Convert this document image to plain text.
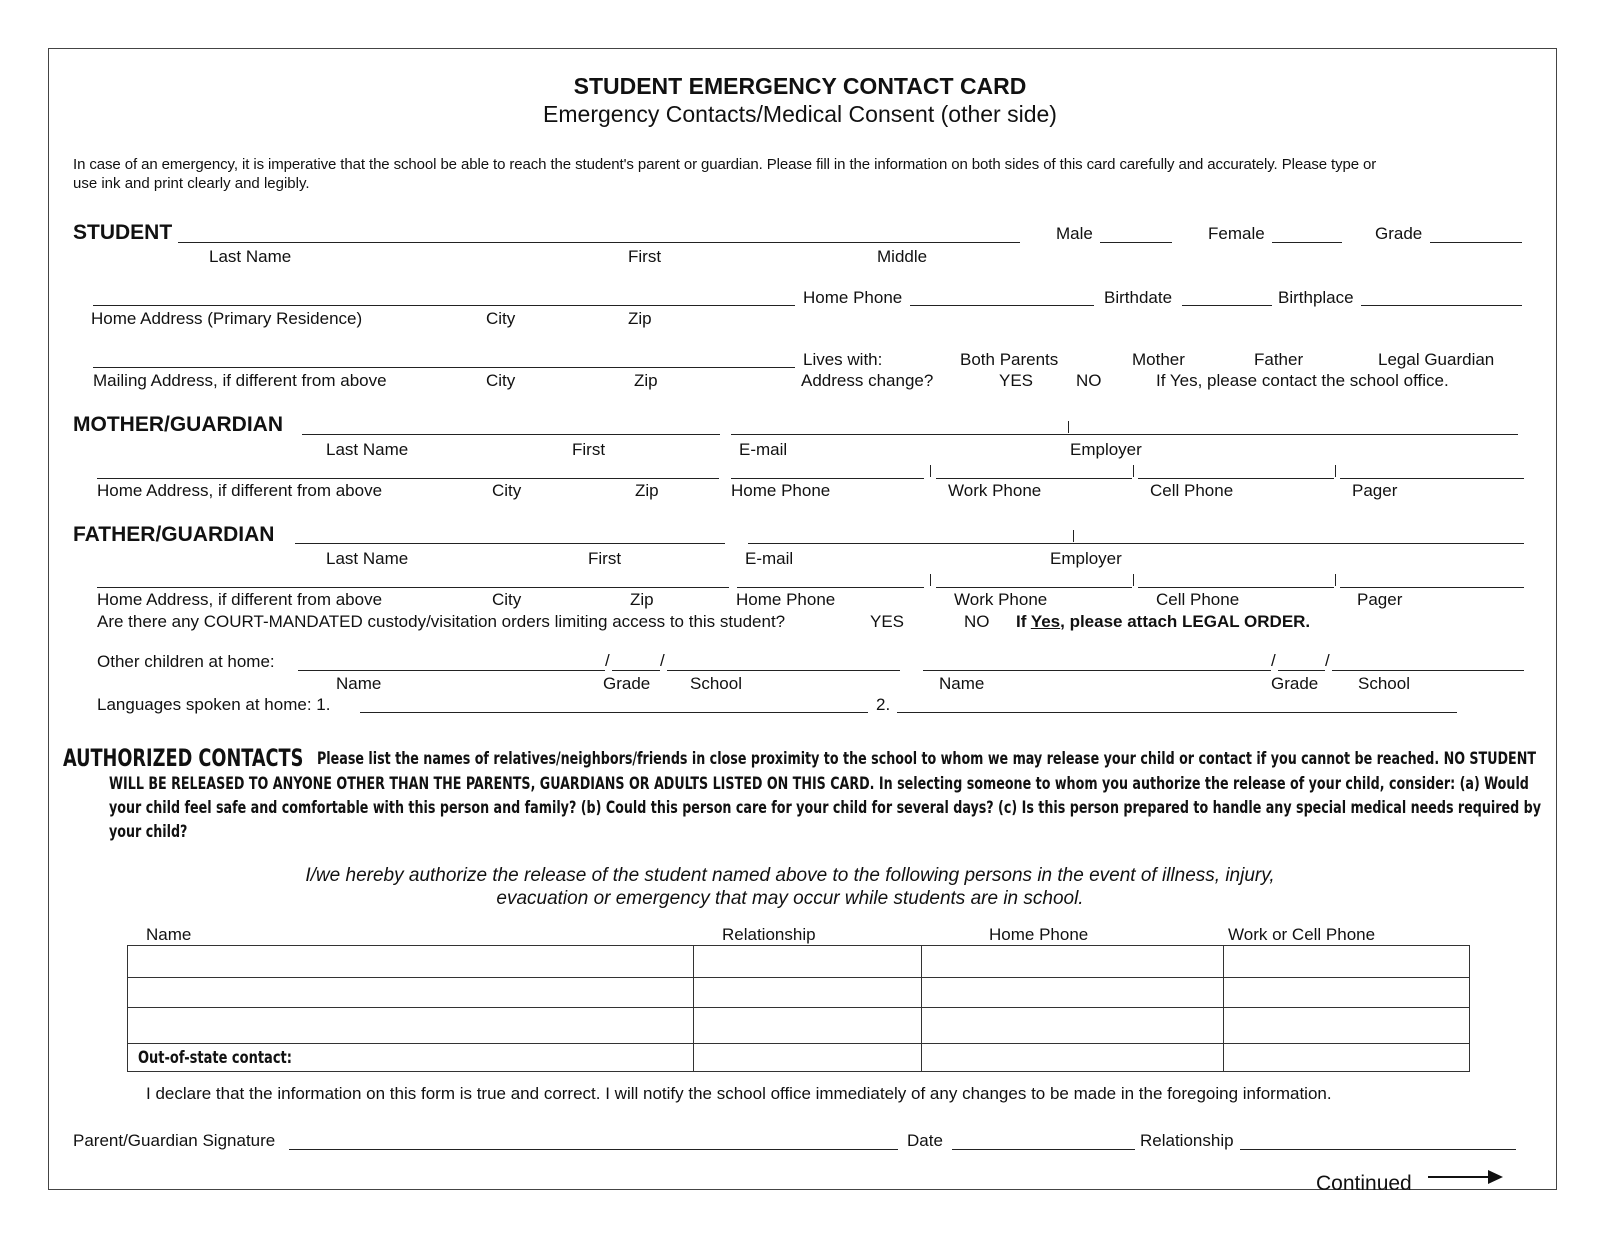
STUDENT EMERGENCY CONTACT CARD
Emergency Contacts/Medical Consent (other side)
In case of an emergency, it is imperative that the school be able to reach the student's parent or guardian. Please fill in the information on both sides of this card carefully and accurately. Please type or
use ink and print clearly and legibly.
STUDENT	Male	Female	Grade
Last Name	First	Middle
Home Phone	Birthdate	Birthplace
Home Address (Primary Residence)	City	Zip
Lives with:	Both Parents	Mother	Father	Legal Guardian
Mailing Address, if different from above	City	Zip	Address change?	YES	NO	If Yes, please contact the school office.
MOTHER/GUARDIAN
Last Name	First	E-mail	Employer
Home Address, if different from above	City	Zip	Home Phone	Work Phone	Cell Phone	Pager
FATHER/GUARDIAN
Last Name	First	E-mail	Employer
Home Address, if different from above	City	Zip	Home Phone	Work Phone	Cell Phone	Pager
Are there any COURT-MANDATED custody/visitation orders limiting access to this student?	YES	NO If Yes, please attach LEGAL ORDER.
Other children at home:	/	/	/	/
Name	Grade School	Name	Grade School
Languages spoken at home: 1.	2.
AUTHORIZED CONTACTS Please list the names of relatives/neighbors/friends in close proximity to the school to whom we may release your child or contact if you cannot be reached. NO STUDENT
WILL BE RELEASED TO ANYONE OTHER THAN THE PARENTS, GUARDIANS OR ADULTS LISTED ON THIS CARD. In selecting someone to whom you authorize the release of your child, consider: (a) Would
your child feel safe and comfortable with this person and family? (b) Could this person care for your child for several days? (c) Is this person prepared to handle any special medical needs required by
your child?
I/we hereby authorize the release of the student named above to the following persons in the event of illness, injury,
evacuation or emergency that may occur while students are in school.
Name	Relationship	Home Phone	Work or Cell Phone

Out-of-state contact:			
I declare that the information on this form is true and correct. I will notify the school office immediately of any changes to be made in the foregoing information.
Parent/Guardian Signature	Date	Relationship
Continued
